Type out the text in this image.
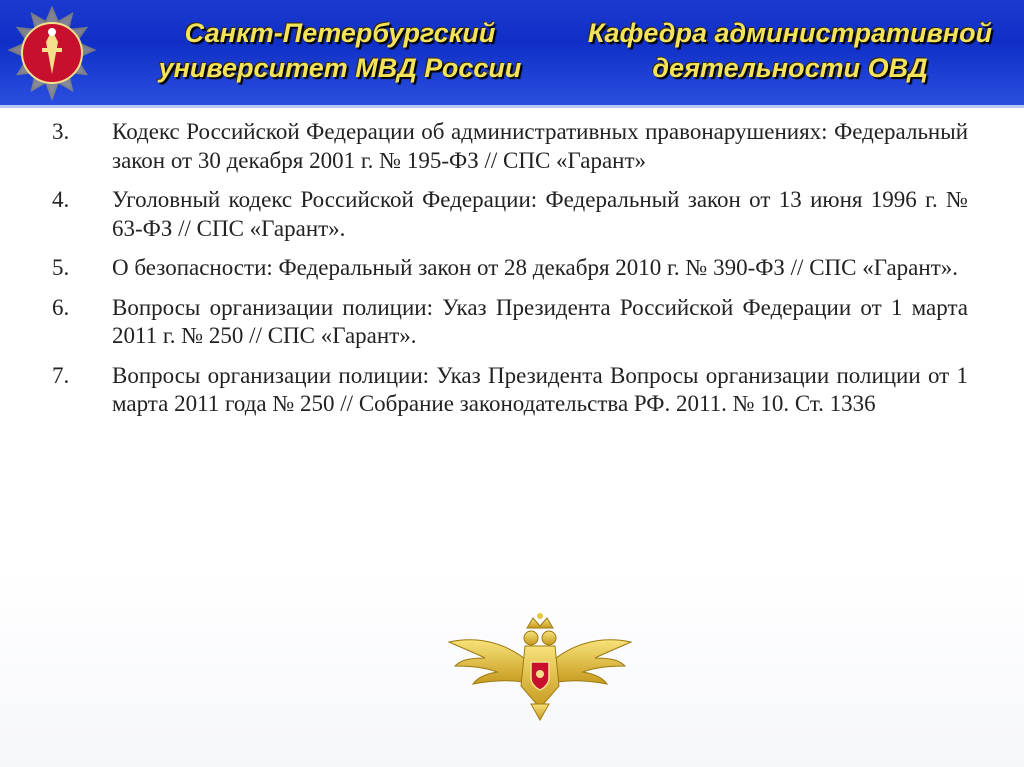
Санкт-Петербургский
университет МВД России
Кафедра административной
деятельности ОВД
3.	Кодекс Российской Федерации об административных правонарушениях: Федеральный закон от 30 декабря 2001 г. № 195-ФЗ // СПС «Гарант»
4.	Уголовный кодекс Российской Федерации: Федеральный закон от 13 июня 1996 г. № 63-ФЗ // СПС «Гарант».
5.	О безопасности: Федеральный закон от 28 декабря 2010 г. № 390-ФЗ // СПС «Гарант».
6.	Вопросы организации полиции: Указ Президента Российской Федерации от 1 марта 2011 г. № 250 // СПС «Гарант».
7.	Вопросы организации полиции: Указ Президента Вопросы организации полиции от 1 марта 2011 года № 250 // Собрание законодательства РФ. 2011. № 10. Ст. 1336
